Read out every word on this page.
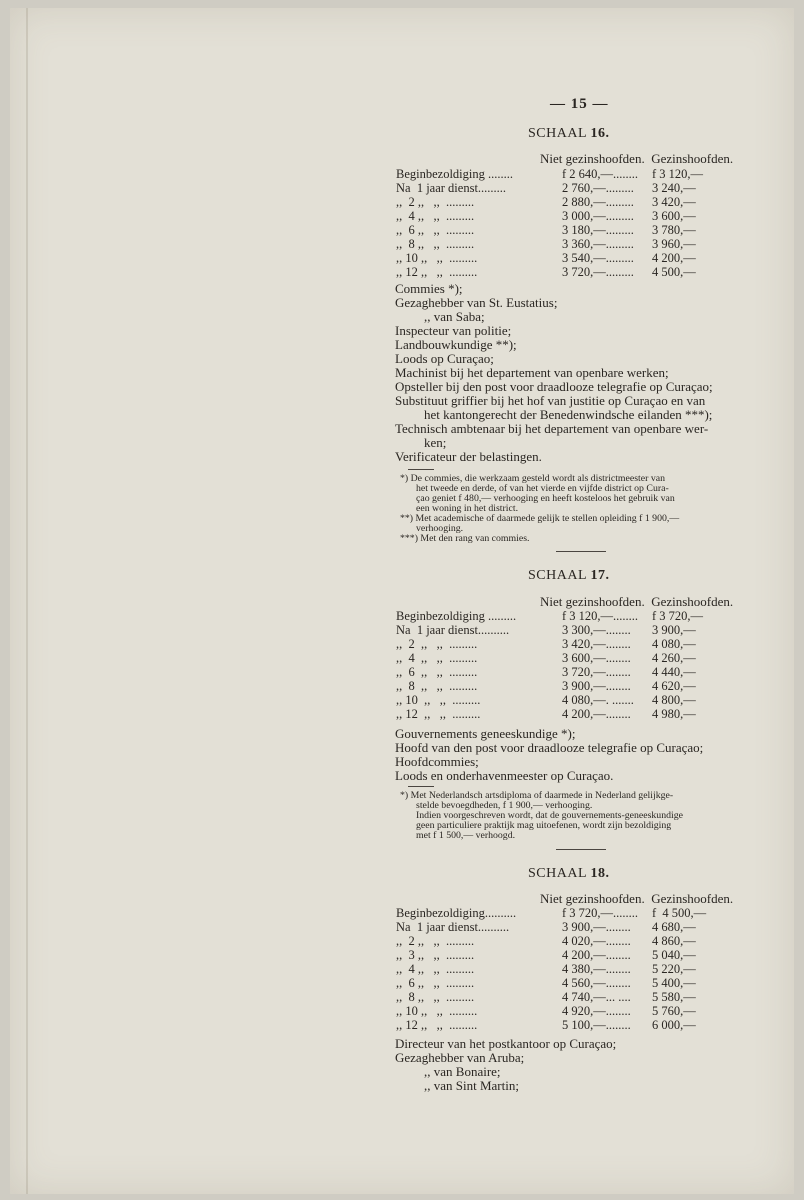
— 15 —
SCHAAL 16.
Niet gezinshoofden. Gezinshoofden.
Beginbezoldiging ........	f 2 640,—........ f 3 120,—
Na  1 jaar dienst.........	2 760,—......... 3 240,—
,,  2 ,,   ,,  .........	2 880,—......... 3 420,—
,,  4 ,,   ,,  .........	3 000,—......... 3 600,—
,,  6 ,,   ,,  .........	3 180,—......... 3 780,—
,,  8 ,,   ,,  .........	3 360,—......... 3 960,—
,, 10 ,,   ,,  .........	3 540,—......... 4 200,—
,, 12 ,,   ,,  .........	3 720,—......... 4 500,—
Commies *);
Gezaghebber van St. Eustatius;
,, van Saba;
Inspecteur van politie;
Landbouwkundige **);
Loods op Curaçao;
Machinist bij het departement van openbare werken;
Opsteller bij den post voor draadlooze telegrafie op Curaçao;
Substituut griffier bij het hof van justitie op Curaçao en van
het kantongerecht der Benedenwindsche eilanden ***);
Technisch ambtenaar bij het departement van openbare wer-
ken;
Verificateur der belastingen.
*) De commies, die werkzaam gesteld wordt als districtmeester van
het tweede en derde, of van het vierde en vijfde district op Cura-
çao geniet f 480,— verhooging en heeft kosteloos het gebruik van
een woning in het district.
**) Met academische of daarmede gelijk te stellen opleiding f 1 900,—
verhooging.
***) Met den rang van commies.
SCHAAL 17.
Niet gezinshoofden. Gezinshoofden.
Beginbezoldiging .........	f 3 120,—........ f 3 720,—
Na  1 jaar dienst..........	3 300,—........ 3 900,—
,,  2  ,,   ,,  .........	3 420,—........ 4 080,—
,,  4  ,,   ,,  .........	3 600,—........ 4 260,—
,,  6  ,,   ,,  .........	3 720,—........ 4 440,—
,,  8  ,,   ,,  .........	3 900,—........ 4 620,—
,, 10  ,,   ,,  .........	4 080,—. ....... 4 800,—
,, 12  ,,   ,,  .........	4 200,—........ 4 980,—
Gouvernements geneeskundige *);
Hoofd van den post voor draadlooze telegrafie op Curaçao;
Hoofdcommies;
Loods en onderhavenmeester op Curaçao.
*) Met Nederlandsch artsdiploma of daarmede in Nederland gelijkge-
stelde bevoegdheden, f 1 900,— verhooging.
Indien voorgeschreven wordt, dat de gouvernements-geneeskundige
geen particuliere praktijk mag uitoefenen, wordt zijn bezoldiging
met f 1 500,— verhoogd.
SCHAAL 18.
Niet gezinshoofden. Gezinshoofden.
Beginbezoldiging..........	f 3 720,—........ f  4 500,—
Na  1 jaar dienst..........	3 900,—........ 4 680,—
,,  2 ,,   ,,  .........	4 020,—........ 4 860,—
,,  3 ,,   ,,  .........	4 200,—........ 5 040,—
,,  4 ,,   ,,  .........	4 380,—........ 5 220,—
,,  6 ,,   ,,  .........	4 560,—........ 5 400,—
,,  8 ,,   ,,  .........	4 740,—... .... 5 580,—
,, 10 ,,   ,,  .........	4 920,—........ 5 760,—
,, 12 ,,   ,,  .........	5 100,—........ 6 000,—
Directeur van het postkantoor op Curaçao;
Gezaghebber van Aruba;
,, van Bonaire;
,, van Sint Martin;
